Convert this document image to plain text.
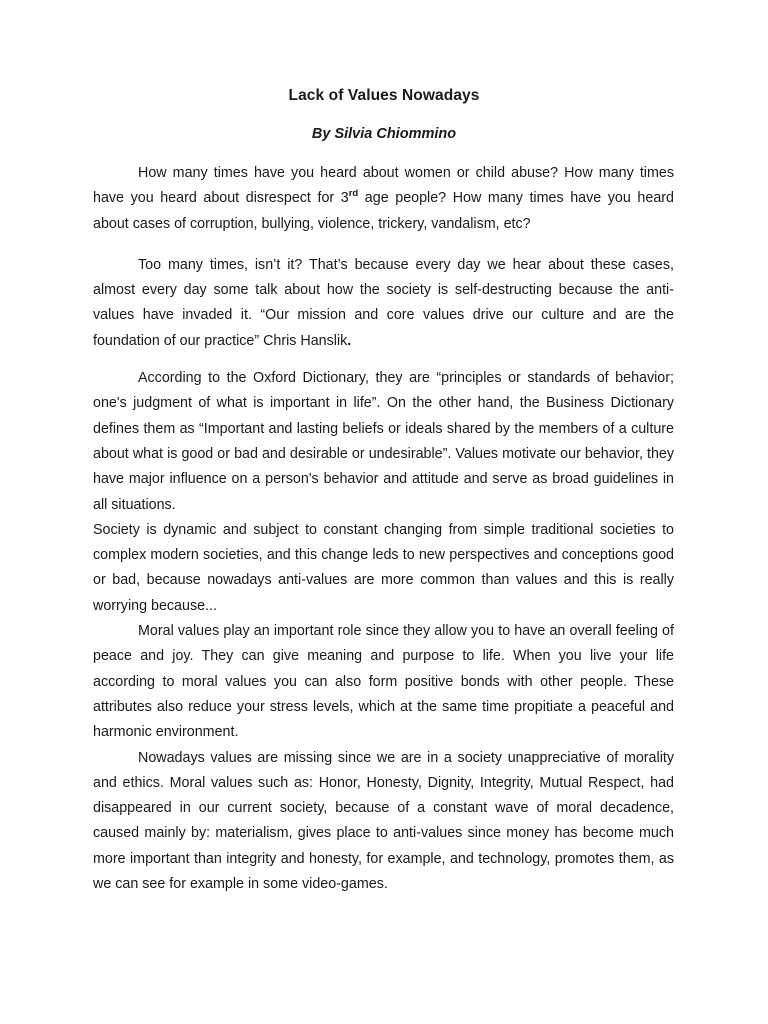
Lack of Values Nowadays
By Silvia Chiommino

How many times have you heard about women or child abuse? How many times have you heard about disrespect for 3rd age people? How many times have you heard about cases of corruption, bullying, violence, trickery, vandalism, etc?

Too many times, isn’t it? That’s because every day we hear about these cases, almost every day some talk about how the society is self-destructing because the anti-values have invaded it. “Our mission and core values drive our culture and are the foundation of our practice” Chris Hanslik.

According to the Oxford Dictionary, they are “principles or standards of behavior; one's judgment of what is important in life”. On the other hand, the Business Dictionary defines them as “Important and lasting beliefs or ideals shared by the members of a culture about what is good or bad and desirable or undesirable”. Values motivate our behavior, they have major influence on a person's behavior and attitude and serve as broad guidelines in all situations.

Society is dynamic and subject to constant changing from simple traditional societies to complex modern societies, and this change leds to new perspectives and conceptions good or bad, because nowadays anti-values are more common than values and this is really worrying because...

Moral values play an important role since they allow you to have an overall feeling of peace and joy. They can give meaning and purpose to life. When you live your life according to moral values you can also form positive bonds with other people. These attributes also reduce your stress levels, which at the same time propitiate a peaceful and harmonic environment.

Nowadays values are missing since we are in a society unappreciative of morality and ethics. Moral values such as: Honor, Honesty, Dignity, Integrity, Mutual Respect, had disappeared in our current society, because of a constant wave of moral decadence, caused mainly by: materialism, gives place to anti-values since money has become much more important than integrity and honesty, for example, and technology, promotes them, as we can see for example in some video-games.
